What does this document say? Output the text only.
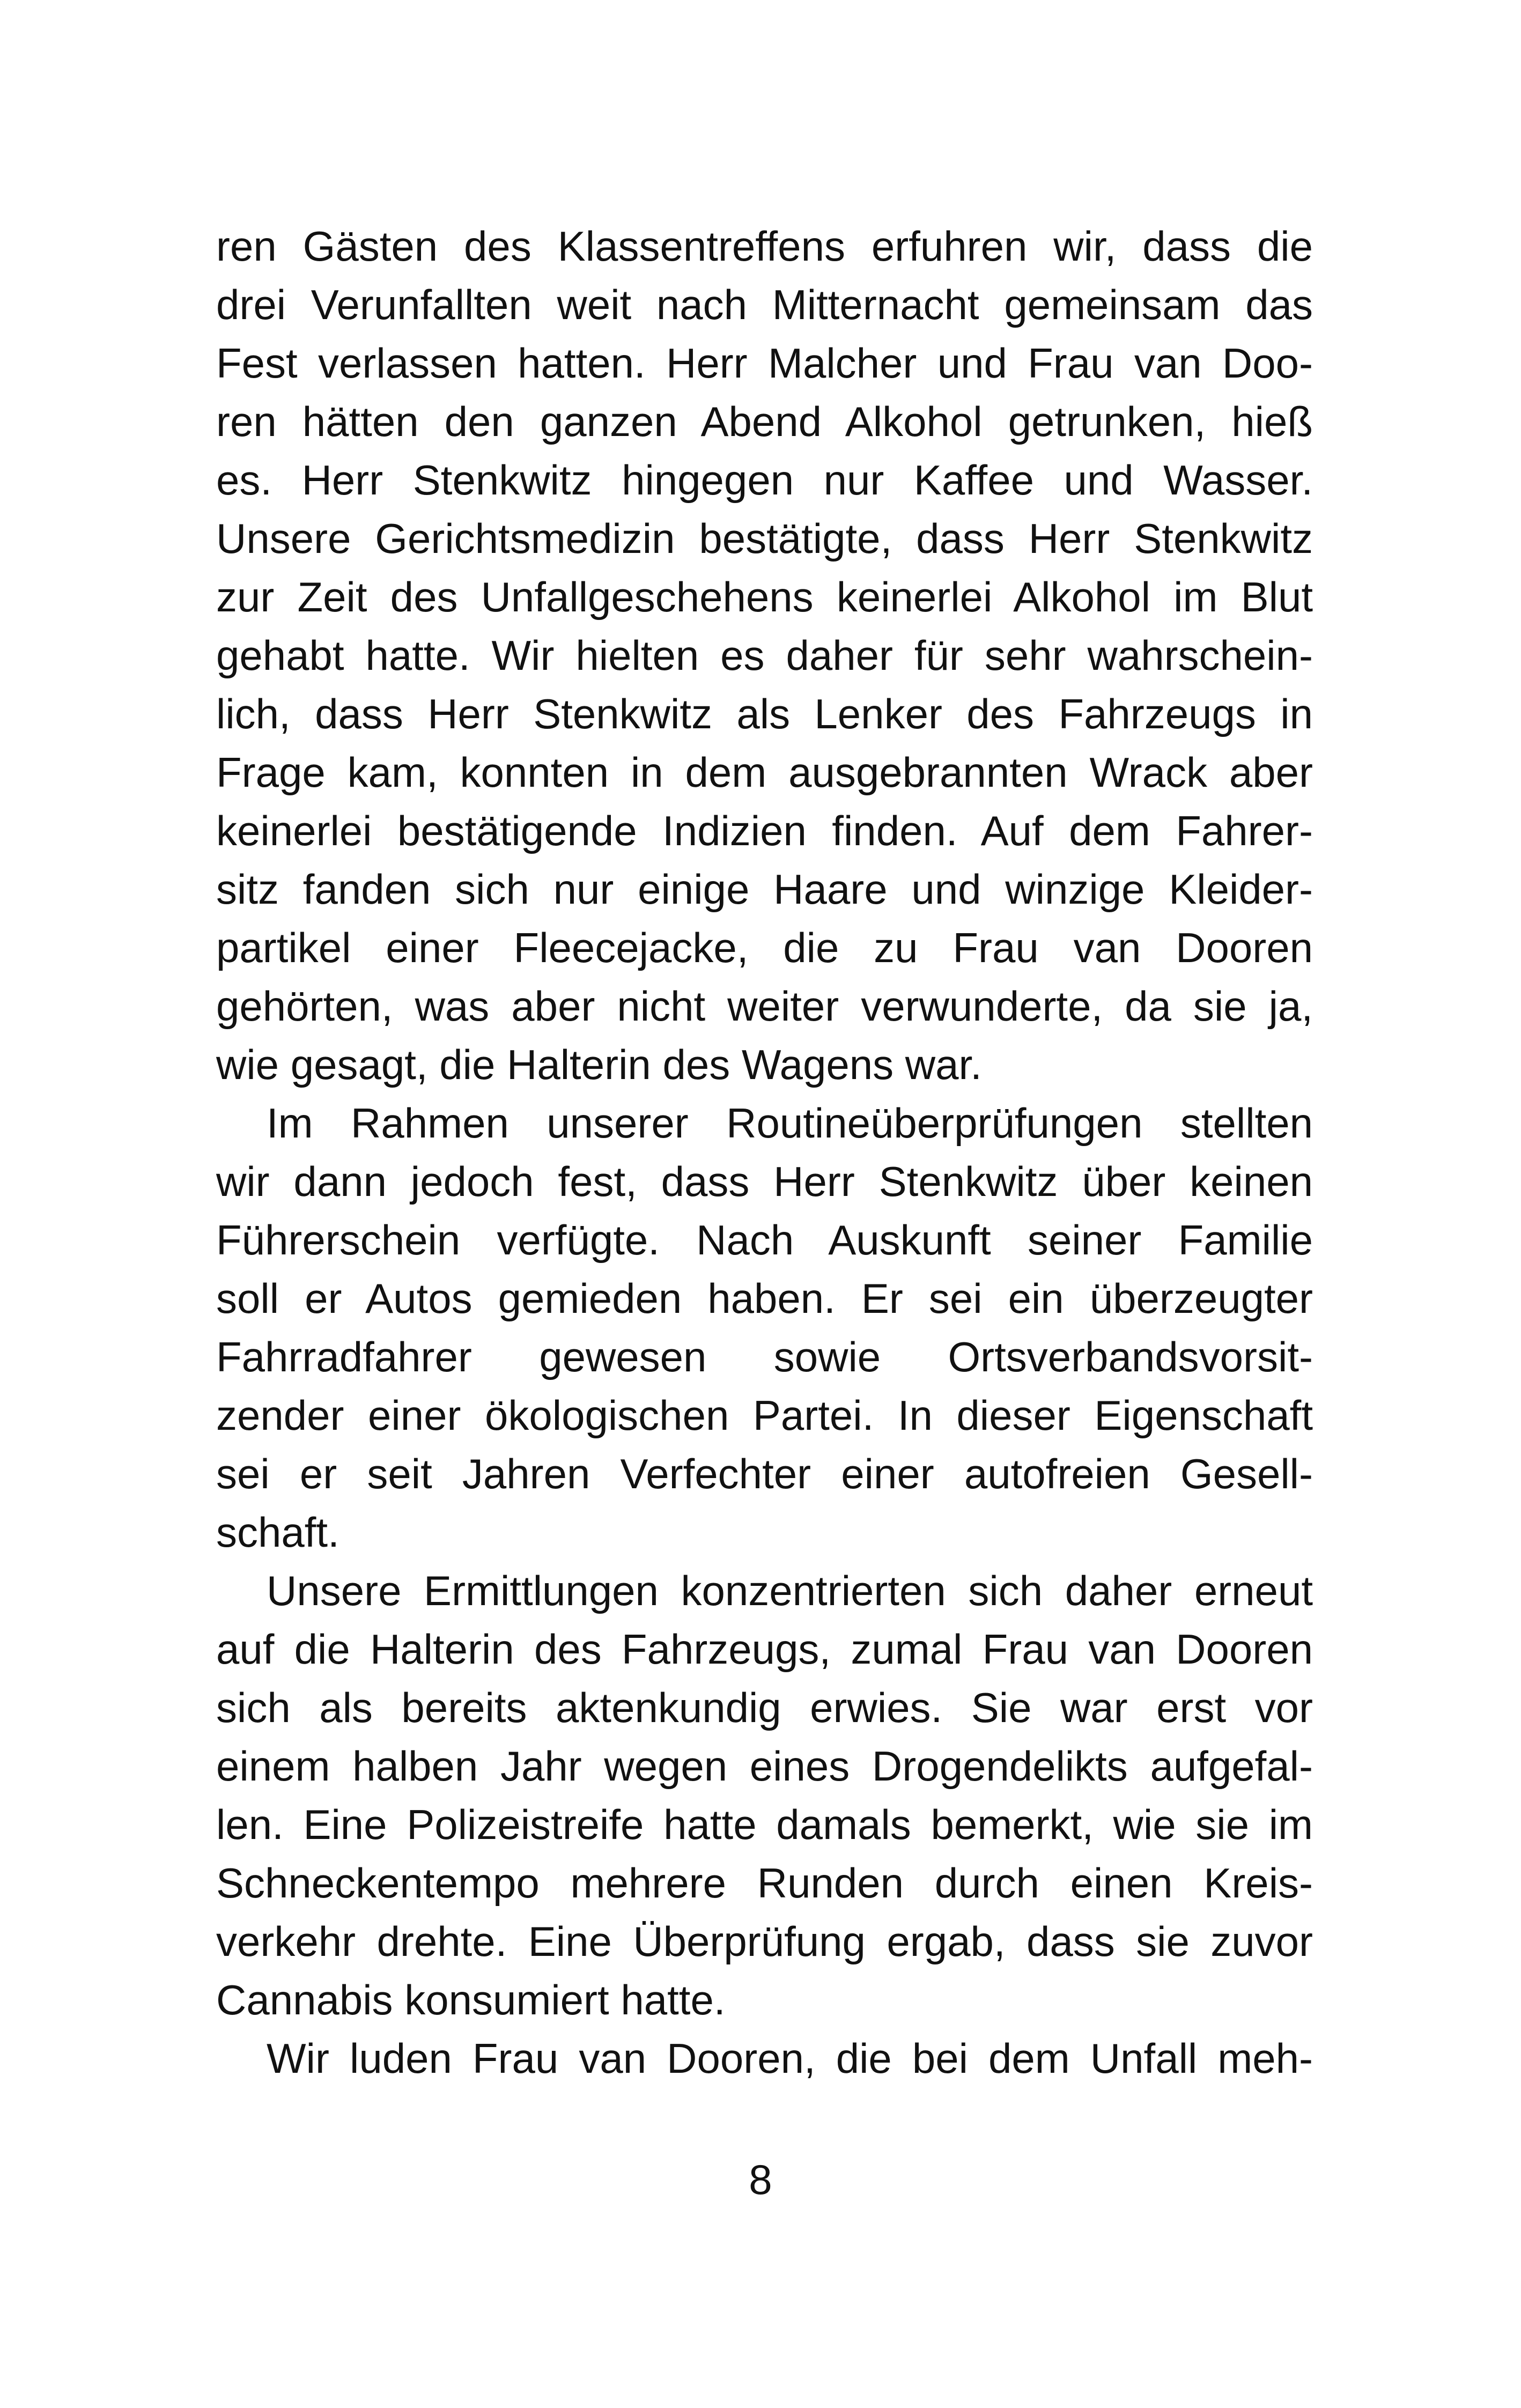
ren Gästen des Klassentreffens erfuhren wir, dass die
drei Verunfallten weit nach Mitternacht gemeinsam das
Fest verlassen hatten. Herr Malcher und Frau van Doo-
ren hätten den ganzen Abend Alkohol getrunken, hieß
es. Herr Stenkwitz hingegen nur Kaffee und Wasser.
Unsere Gerichtsmedizin bestätigte, dass Herr Stenkwitz
zur Zeit des Unfallgeschehens keinerlei Alkohol im Blut
gehabt hatte. Wir hielten es daher für sehr wahrschein-
lich, dass Herr Stenkwitz als Lenker des Fahrzeugs in
Frage kam, konnten in dem ausgebrannten Wrack aber
keinerlei bestätigende Indizien finden. Auf dem Fahrer-
sitz fanden sich nur einige Haare und winzige Kleider-
partikel einer Fleecejacke, die zu Frau van Dooren
gehörten, was aber nicht weiter verwunderte, da sie ja,
wie gesagt, die Halterin des Wagens war.
Im Rahmen unserer Routineüberprüfungen stellten
wir dann jedoch fest, dass Herr Stenkwitz über keinen
Führerschein verfügte. Nach Auskunft seiner Familie
soll er Autos gemieden haben. Er sei ein überzeugter
Fahrradfahrer gewesen sowie Ortsverbandsvorsit-
zender einer ökologischen Partei. In dieser Eigenschaft
sei er seit Jahren Verfechter einer autofreien Gesell-
schaft.
Unsere Ermittlungen konzentrierten sich daher erneut
auf die Halterin des Fahrzeugs, zumal Frau van Dooren
sich als bereits aktenkundig erwies. Sie war erst vor
einem halben Jahr wegen eines Drogendelikts aufgefal-
len. Eine Polizeistreife hatte damals bemerkt, wie sie im
Schneckentempo mehrere Runden durch einen Kreis-
verkehr drehte. Eine Überprüfung ergab, dass sie zuvor
Cannabis konsumiert hatte.
Wir luden Frau van Dooren, die bei dem Unfall meh-
8
